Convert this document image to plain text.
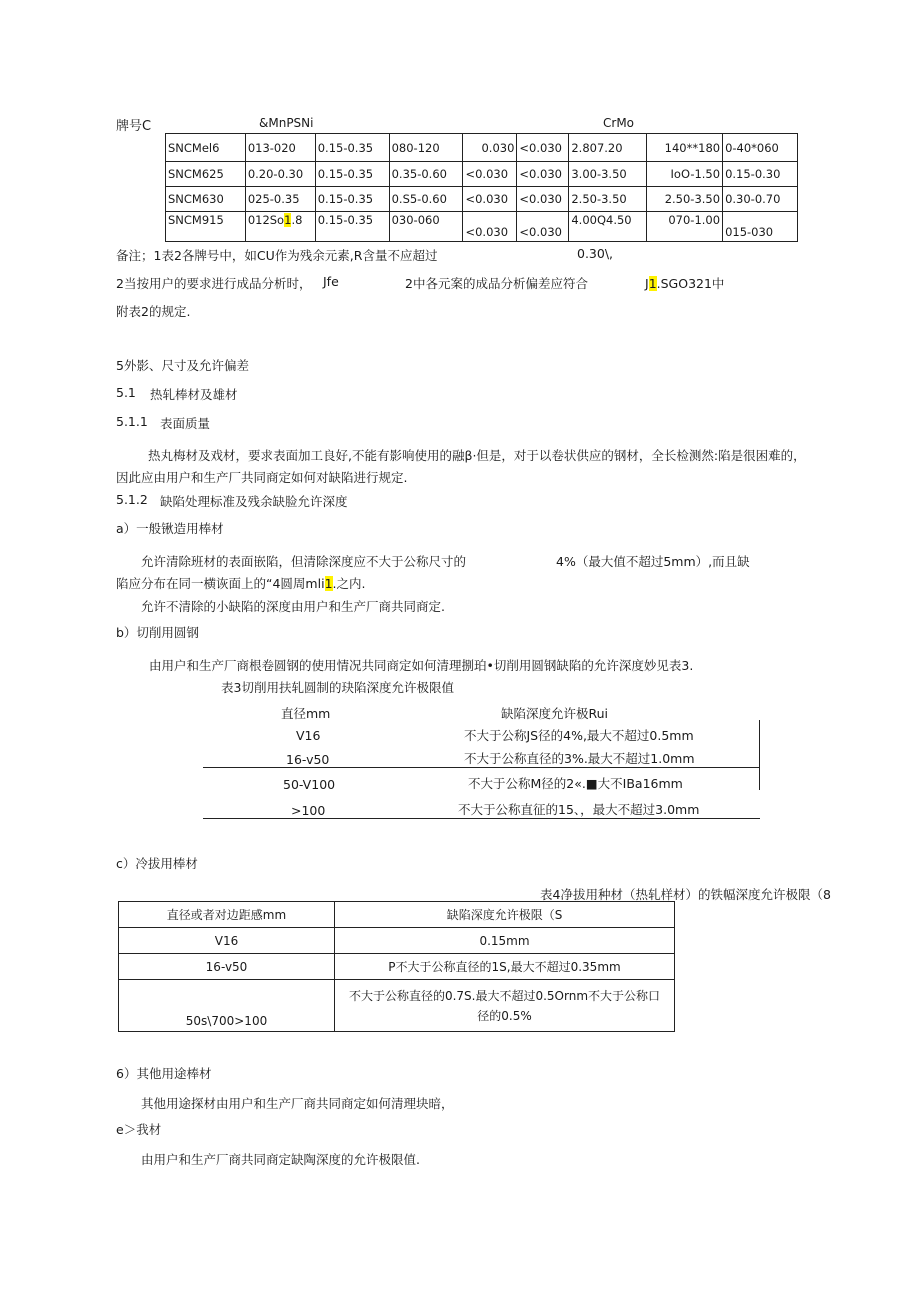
牌号C	&MnPSNi	CrMo
SNCMel6	013-020	0.15-0.35	080-120	0.030	<0.030	2.807.20	140**180	0-40*060
SNCM625	0.20-0.30	0.15-0.35	0.35-0.60	<0.030	<0.030	3.00-3.50	IoO-1.50	0.15-0.30
SNCM630	025-0.35	0.15-0.35	0.S5-0.60	<0.030	<0.030	2.50-3.50	2.50-3.50	0.30-0.70
SNCM915	012So1.8	0.15-0.35	030-060	<0.030	<0.030	4.00Q4.50	070-1.00	015-030
备注；1表2各牌号中，如CU作为残余元素,R含量不应超过	0.30\,
2当按用户的要求进行成品分析时， Jfe	2中各元案的成品分析偏差应符合	J1.SGO321中
附表2的规定.
5外影、尺寸及允许偏差
5.1 热轧棒材及雄材
5.1.1 表面质量
热丸梅材及戏材，要求表面加工良好,不能有影响使用的融β·但是，对于以卷状供应的钢材，全长检测然:陷是很困难的，
因此应由用户和生产厂共同商定如何对缺陷进行规定.
5.1.2 缺陷处理标准及残余缺脸允许深度
a）一般锹造用棒材
允许清除班材的表面嵌陷，但清除深度应不大于公称尺寸的	4%（最大值不超过5mm）,而且缺
陷应分布在同一横诙面上的“4圆周mli1.之内.
允许不清除的小缺陷的深度由用户和生产厂商共同商定.
b）切削用圆钢
由用户和生产厂商根卷圆钢的使用情况共同商定如何清理捌珀•切削用圆钢缺陷的允许深度妙见表3.
表3切削用扶轧圆制的玦陷深度允许极限值
直径mm	缺陷深度允许极Rui
V16	不大于公称JS径的4%,最大不超过0.5mm
16-v50	不大于公称直径的3%.最大不超过1.0mm
50-V100	不大于公称M径的2«.■大不IBa16mm
>100	不大于公称直征的15、，最大不超过3.0mm
c）冷拔用棒材
表4净拔用种材（热轧样材）的铁幅深度允许极限（8
直径或者对边距感mm	缺陷深度允许极限（S
V16	0.15mm
16-v50	P不大于公称直径的1S,最大不超过0.35mm
50s\700>100	不大于公称直径的0.7S.最大不超过0.5Ornm不大于公称口
径的0.5%
6）其他用途棒材
其他用途探材由用户和生产厂商共同商定如何清理块暗，
e＞我材
由用户和生产厂商共同商定缺陶深度的允许极限值.
